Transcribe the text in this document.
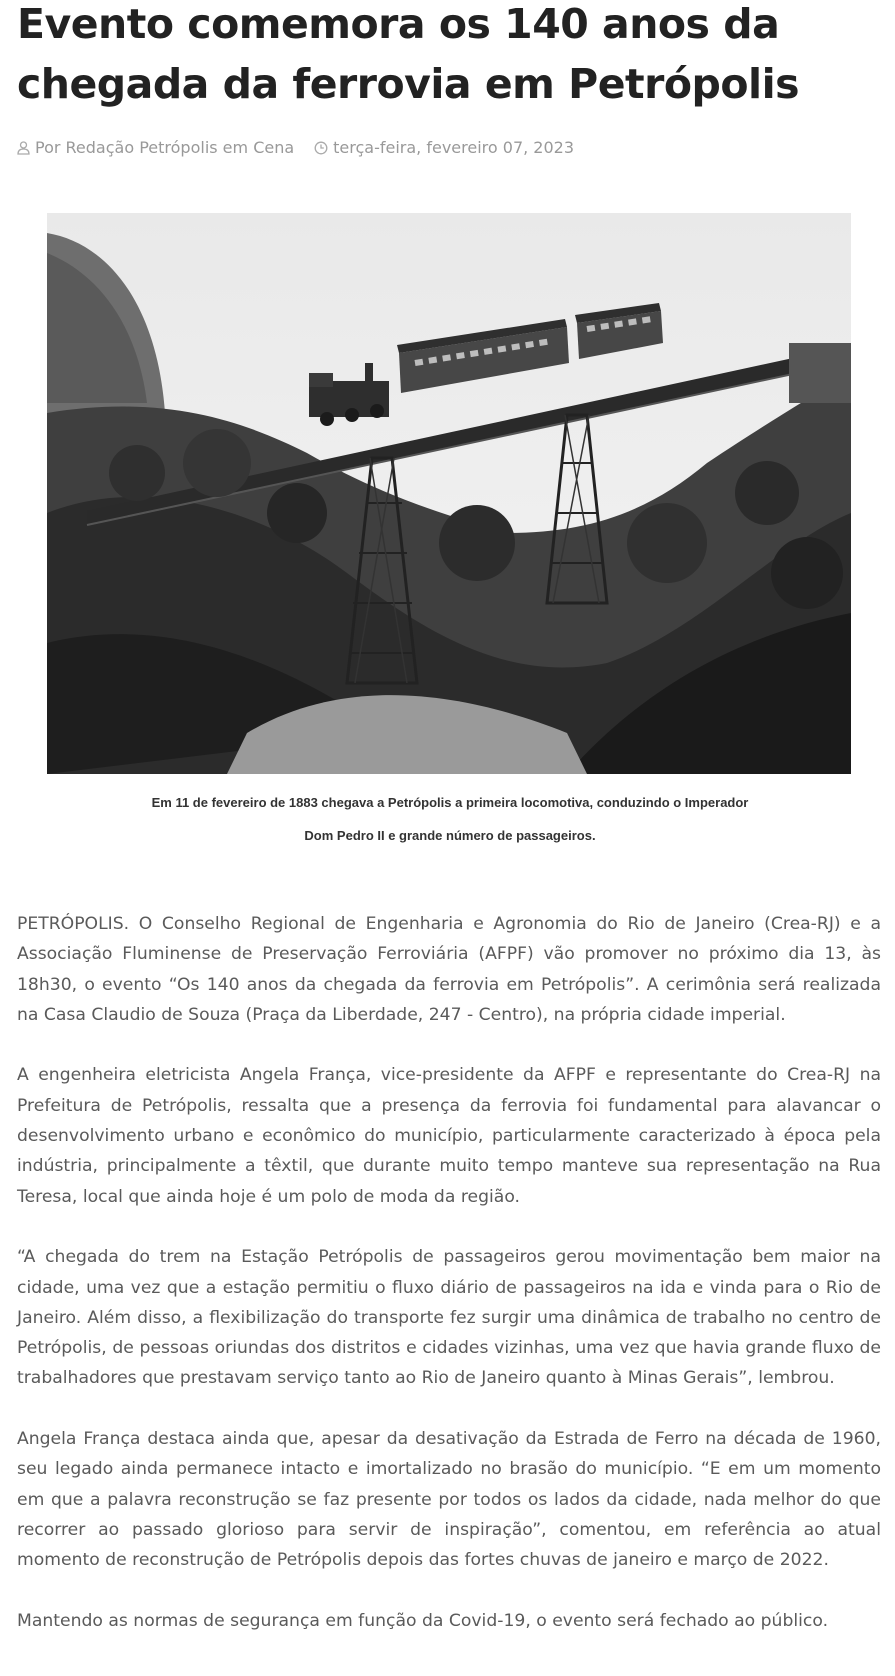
Evento comemora os 140 anos da chegada da ferrovia em Petrópolis
Por Redação Petrópolis em Cena terça-feira, fevereiro 07, 2023
Em 11 de fevereiro de 1883 chegava a Petrópolis a primeira locomotiva, conduzindo o Imperador
Dom Pedro II e grande número de passageiros.

PETRÓPOLIS. O Conselho Regional de Engenharia e Agronomia do Rio de Janeiro (Crea-RJ) e a Associação Fluminense de Preservação Ferroviária (AFPF) vão promover no próximo dia 13, às 18h30, o evento “Os 140 anos da chegada da ferrovia em Petrópolis”. A cerimônia será realizada na Casa Claudio de Souza (Praça da Liberdade, 247 - Centro), na própria cidade imperial.

A engenheira eletricista Angela França, vice-presidente da AFPF e representante do Crea-RJ na Prefeitura de Petrópolis, ressalta que a presença da ferrovia foi fundamental para alavancar o desenvolvimento urbano e econômico do município, particularmente caracterizado à época pela indústria, principalmente a têxtil, que durante muito tempo manteve sua representação na Rua Teresa, local que ainda hoje é um polo de moda da região.

“A chegada do trem na Estação Petrópolis de passageiros gerou movimentação bem maior na cidade, uma vez que a estação permitiu o fluxo diário de passageiros na ida e vinda para o Rio de Janeiro. Além disso, a flexibilização do transporte fez surgir uma dinâmica de trabalho no centro de Petrópolis, de pessoas oriundas dos distritos e cidades vizinhas, uma vez que havia grande fluxo de trabalhadores que prestavam serviço tanto ao Rio de Janeiro quanto à Minas Gerais”, lembrou.

Angela França destaca ainda que, apesar da desativação da Estrada de Ferro na década de 1960, seu legado ainda permanece intacto e imortalizado no brasão do município. “E em um momento em que a palavra reconstrução se faz presente por todos os lados da cidade, nada melhor do que recorrer ao passado glorioso para servir de inspiração”, comentou, em referência ao atual momento de reconstrução de Petrópolis depois das fortes chuvas de janeiro e março de 2022.

Mantendo as normas de segurança em função da Covid-19, o evento será fechado ao público.
